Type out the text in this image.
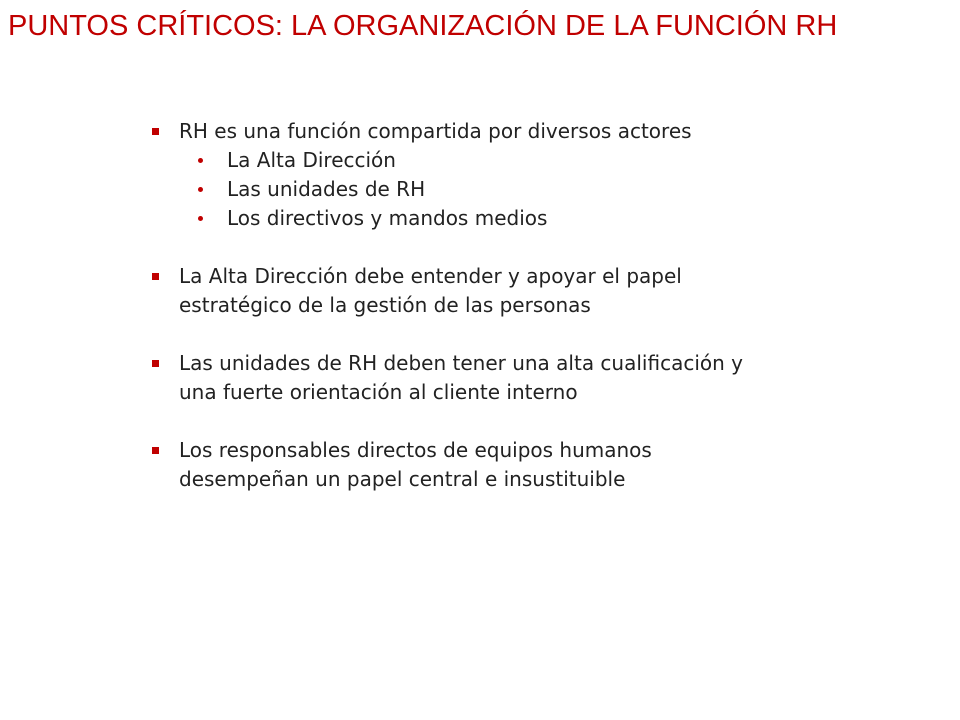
PUNTOS CRÍTICOS: LA ORGANIZACIÓN DE LA FUNCIÓN RH
RH es una función compartida por diversos actores
La Alta Dirección
Las unidades de RH
Los directivos y mandos medios
La Alta Dirección debe entender y apoyar el papel
estratégico de la gestión de las personas
Las unidades de RH deben tener una alta cualificación y
una fuerte orientación al cliente interno
Los responsables directos de equipos humanos
desempeñan un papel central e insustituible
